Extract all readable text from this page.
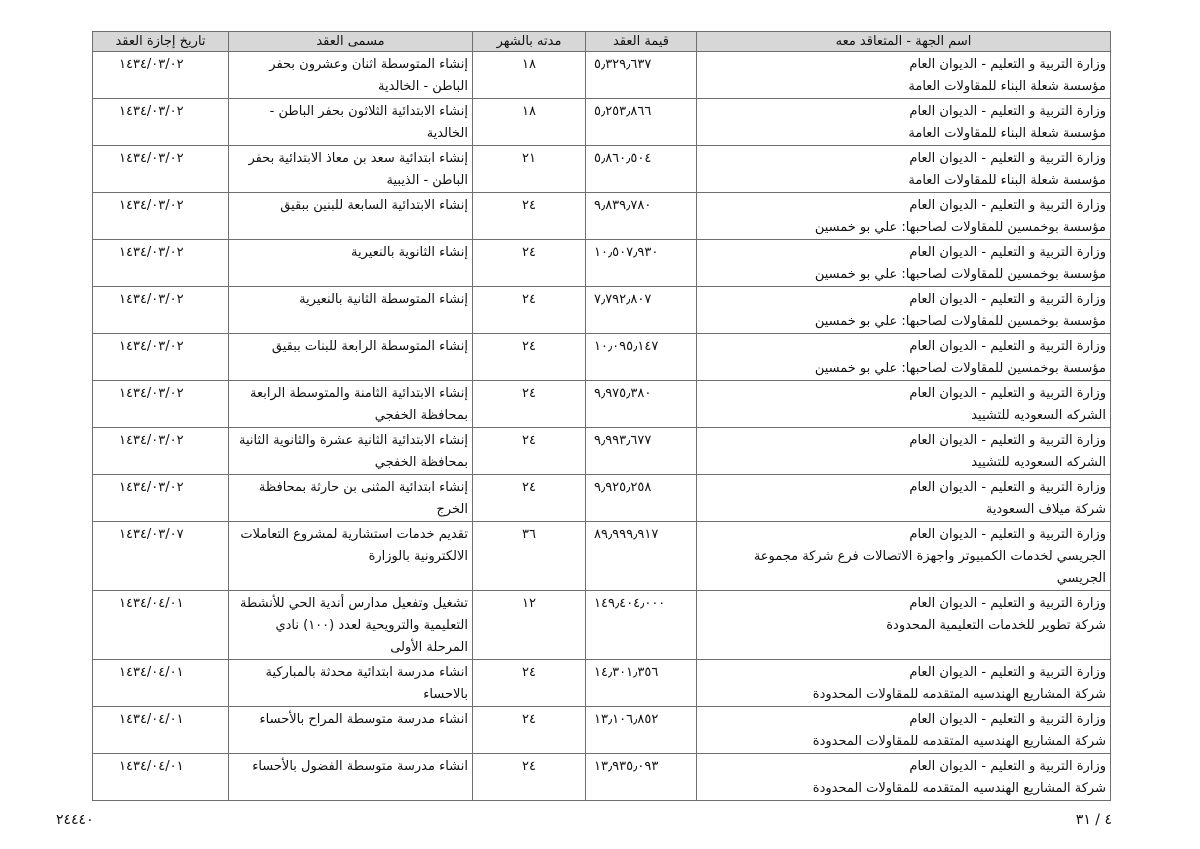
اسم الجهة - المتعاقد معه	قيمة العقد	مدته بالشهر	مسمى العقد	تاريخ إجازة العقد

وزارة التربية و التعليم - الديوان العام
مؤسسة شعلة البناء للمقاولات العامة	٥٫٣٢٩٫٦٣٧	١٨	إنشاء المتوسطة اثنان وعشرون بحفر الباطن - الخالدية	١٤٣٤/٠٣/٠٢

وزارة التربية و التعليم - الديوان العام
مؤسسة شعلة البناء للمقاولات العامة	٥٫٢٥٣٫٨٦٦	١٨	إنشاء الابتدائية الثلاثون بحفر الباطن - الخالدية	١٤٣٤/٠٣/٠٢

وزارة التربية و التعليم - الديوان العام
مؤسسة شعلة البناء للمقاولات العامة	٥٫٨٦٠٫٥٠٤	٢١	إنشاء ابتدائية سعد بن معاذ الابتدائية بحفر الباطن - الذيبية	١٤٣٤/٠٣/٠٢

وزارة التربية و التعليم - الديوان العام
مؤسسة بوخمسين للمقاولات لصاحبها: علي بو خمسين	٩٫٨٣٩٫٧٨٠	٢٤	إنشاء الابتدائية السابعة للبنين ببقيق	١٤٣٤/٠٣/٠٢

وزارة التربية و التعليم - الديوان العام
مؤسسة بوخمسين للمقاولات لصاحبها: علي بو خمسين	١٠٫٥٠٧٫٩٣٠	٢٤	إنشاء الثانوية بالنعيرية	١٤٣٤/٠٣/٠٢

وزارة التربية و التعليم - الديوان العام
مؤسسة بوخمسين للمقاولات لصاحبها: علي بو خمسين	٧٫٧٩٢٫٨٠٧	٢٤	إنشاء المتوسطة الثانية بالنعيرية	١٤٣٤/٠٣/٠٢

وزارة التربية و التعليم - الديوان العام
مؤسسة بوخمسين للمقاولات لصاحبها: علي بو خمسين	١٠٫٠٩٥٫١٤٧	٢٤	إنشاء المتوسطة الرابعة للبنات ببقيق	١٤٣٤/٠٣/٠٢

وزارة التربية و التعليم - الديوان العام
الشركه السعوديه للتشييد	٩٫٩٧٥٫٣٨٠	٢٤	إنشاء الابتدائية الثامنة والمتوسطة الرابعة بمحافظة الخفجي	١٤٣٤/٠٣/٠٢

وزارة التربية و التعليم - الديوان العام
الشركه السعوديه للتشييد	٩٫٩٩٣٫٦٧٧	٢٤	إنشاء الابتدائية الثانية عشرة والثانوية الثانية بمحافظة الخفجي	١٤٣٤/٠٣/٠٢

وزارة التربية و التعليم - الديوان العام
شركة ميلاف السعودية	٩٫٩٢٥٫٢٥٨	٢٤	إنشاء ابتدائية المثنى بن حارثة بمحافظة الخرج	١٤٣٤/٠٣/٠٢

وزارة التربية و التعليم - الديوان العام
الجريسي لخدمات الكمبيوتر واجهزة الاتصالات فرع شركة مجموعة
الجريسي	٨٩٫٩٩٩٫٩١٧	٣٦	تقديم خدمات استشارية لمشروع التعاملات الالكترونية بالوزارة	١٤٣٤/٠٣/٠٧

وزارة التربية و التعليم - الديوان العام
شركة تطوير للخدمات التعليمية المحدودة	١٤٩٫٤٠٤٫٠٠٠	١٢	تشغيل وتفعيل مدارس أندية الحي للأنشطة التعليمية والترويحية لعدد (١٠٠) نادي المرحلة الأولى	١٤٣٤/٠٤/٠١

وزارة التربية و التعليم - الديوان العام
شركة المشاريع الهندسيه المتقدمه للمقاولات المحدودة	١٤٫٣٠١٫٣٥٦	٢٤	انشاء مدرسة ابتدائية محدثة بالمباركية بالاحساء	١٤٣٤/٠٤/٠١

وزارة التربية و التعليم - الديوان العام
شركة المشاريع الهندسيه المتقدمه للمقاولات المحدودة	١٣٫١٠٦٫٨٥٢	٢٤	انشاء مدرسة متوسطة المراح بالأحساء	١٤٣٤/٠٤/٠١

وزارة التربية و التعليم - الديوان العام
شركة المشاريع الهندسيه المتقدمه للمقاولات المحدودة	١٣٫٩٣٥٫٠٩٣	٢٤	انشاء مدرسة متوسطة الفضول بالأحساء	١٤٣٤/٠٤/٠١
٢٤٤٤٠	٤ / ٣١
